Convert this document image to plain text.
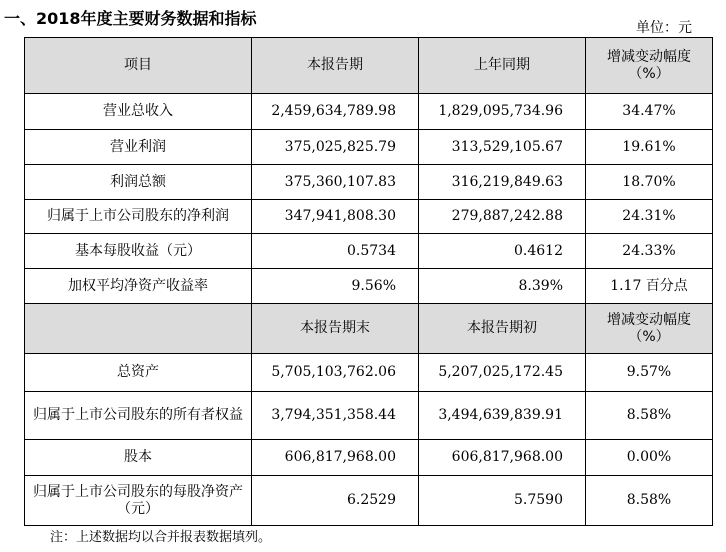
一、2018年度主要财务数据和指标	单位：元
项目	本报告期	上年同期	增减变动幅度（%）
营业总收入	2,459,634,789.98	1,829,095,734.96	34.47%
营业利润	375,025,825.79	313,529,105.67	19.61%
利润总额	375,360,107.83	316,219,849.63	18.70%
归属于上市公司股东的净利润	347,941,808.30	279,887,242.88	24.31%
基本每股收益（元）	0.5734	0.4612	24.33%
加权平均净资产收益率	9.56%	8.39%	1.17 百分点
	本报告期末	本报告期初	增减变动幅度（%）
总资产	5,705,103,762.06	5,207,025,172.45	9.57%
归属于上市公司股东的所有者权益	3,794,351,358.44	3,494,639,839.91	8.58%
股本	606,817,968.00	606,817,968.00	0.00%
归属于上市公司股东的每股净资产（元）	6.2529	5.7590	8.58%
注：上述数据均以合并报表数据填列。
